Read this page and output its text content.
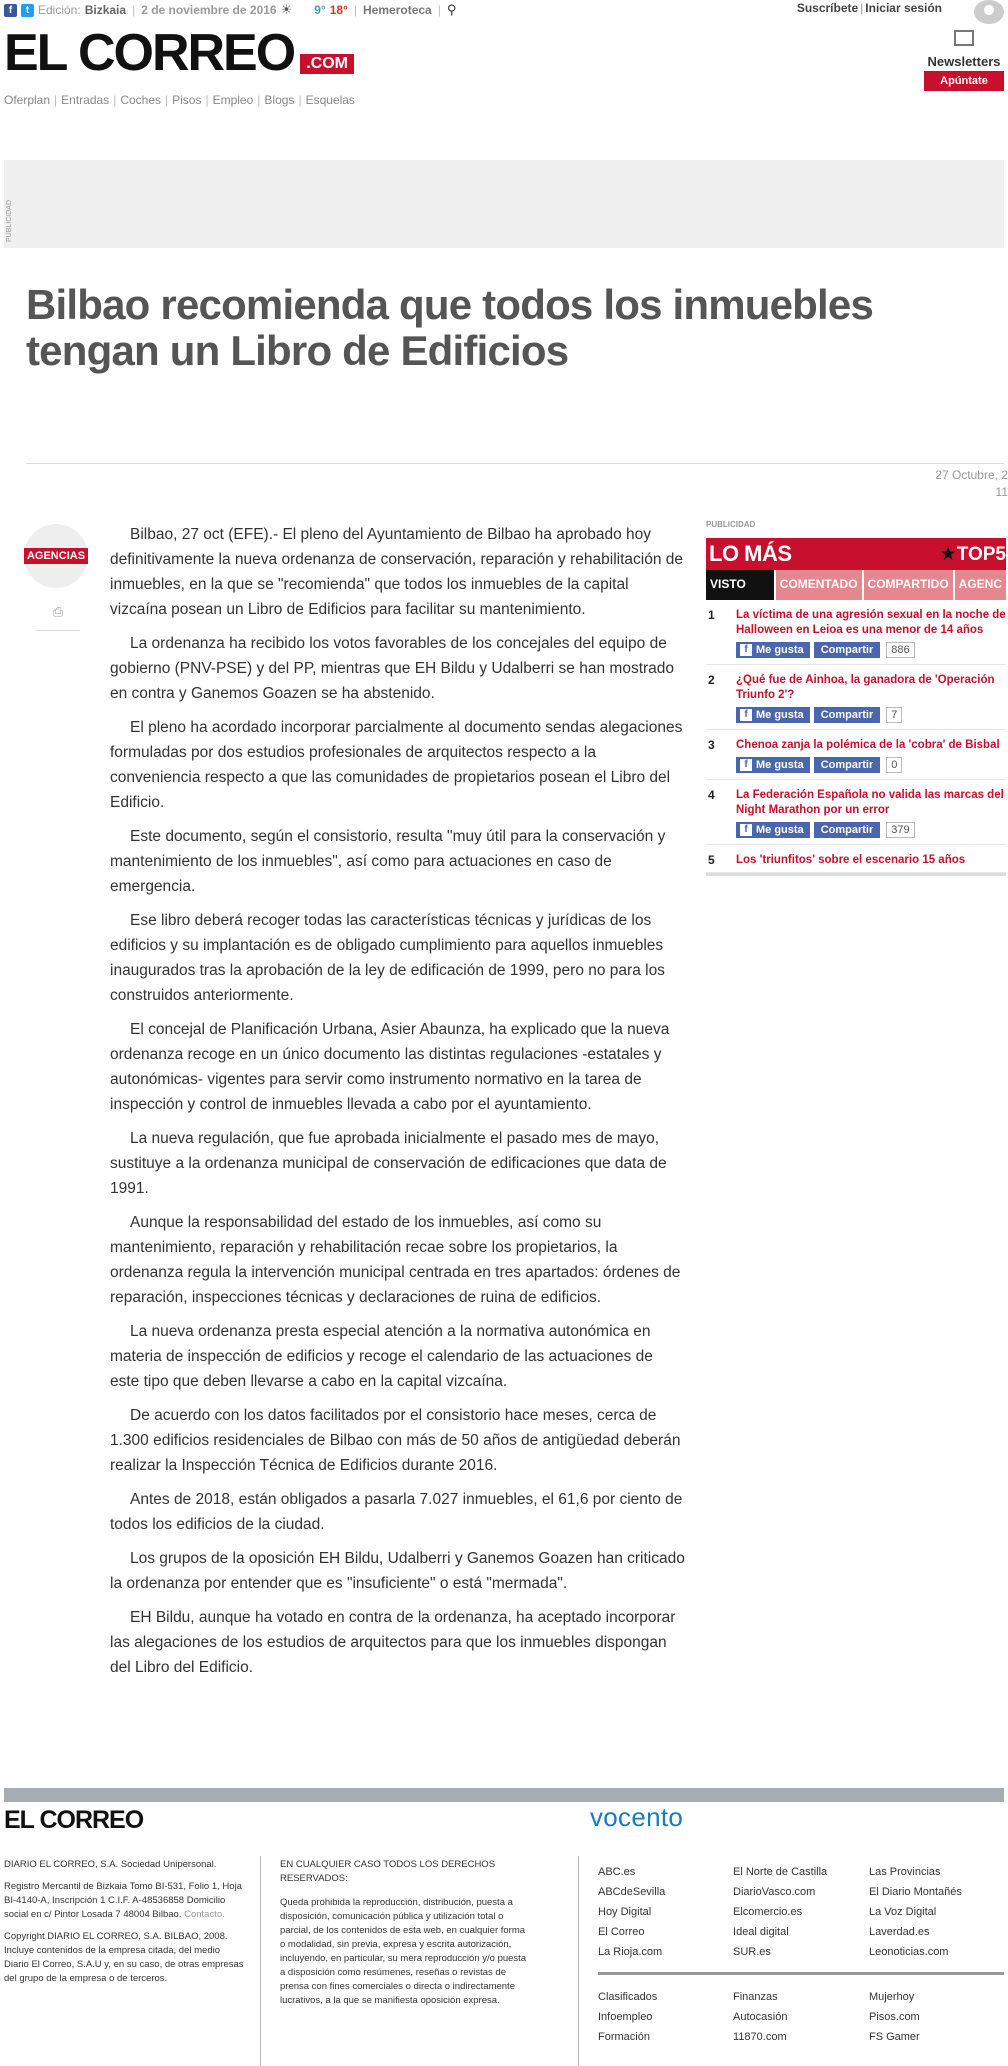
f	t Edición: Bizkaia | 2 de noviembre de 2016 ☀ 9° 18° | Hemeroteca | ⚲	Suscríbete | Iniciar sesión
EL CORREO .COM
Oferplan | Entradas | Coches | Pisos | Empleo | Blogs | Esquelas
Newsletters
Apúntate
PUBLICIDAD
Bilbao recomienda que todos los inmuebles tengan un Libro de Edificios
27 Octubre, 2
11
AGENCIAS
⎙

Bilbao, 27 oct (EFE).- El pleno del Ayuntamiento de Bilbao ha aprobado hoy definitivamente la nueva ordenanza de conservación, reparación y rehabilitación de inmuebles, en la que se "recomienda" que todos los inmuebles de la capital vizcaína posean un Libro de Edificios para facilitar su mantenimiento.

La ordenanza ha recibido los votos favorables de los concejales del equipo de gobierno (PNV-PSE) y del PP, mientras que EH Bildu y Udalberri se han mostrado en contra y Ganemos Goazen se ha abstenido.

El pleno ha acordado incorporar parcialmente al documento sendas alegaciones formuladas por dos estudios profesionales de arquitectos respecto a la conveniencia respecto a que las comunidades de propietarios posean el Libro del Edificio.

Este documento, según el consistorio, resulta "muy útil para la conservación y mantenimiento de los inmuebles", así como para actuaciones en caso de emergencia.

Ese libro deberá recoger todas las características técnicas y jurídicas de los edificios y su implantación es de obligado cumplimiento para aquellos inmuebles inaugurados tras la aprobación de la ley de edificación de 1999, pero no para los construidos anteriormente.

El concejal de Planificación Urbana, Asier Abaunza, ha explicado que la nueva ordenanza recoge en un único documento las distintas regulaciones -estatales y autonómicas- vigentes para servir como instrumento normativo en la tarea de inspección y control de inmuebles llevada a cabo por el ayuntamiento.

La nueva regulación, que fue aprobada inicialmente el pasado mes de mayo, sustituye a la ordenanza municipal de conservación de edificaciones que data de 1991.

Aunque la responsabilidad del estado de los inmuebles, así como su mantenimiento, reparación y rehabilitación recae sobre los propietarios, la ordenanza regula la intervención municipal centrada en tres apartados: órdenes de reparación, inspecciones técnicas y declaraciones de ruina de edificios.

La nueva ordenanza presta especial atención a la normativa autonómica en materia de inspección de edificios y recoge el calendario de las actuaciones de este tipo que deben llevarse a cabo en la capital vizcaína.

De acuerdo con los datos facilitados por el consistorio hace meses, cerca de 1.300 edificios residenciales de Bilbao con más de 50 años de antigüedad deberán realizar la Inspección Técnica de Edificios durante 2016.

Antes de 2018, están obligados a pasarla 7.027 inmuebles, el 61,6 por ciento de todos los edificios de la ciudad.

Los grupos de la oposición EH Bildu, Udalberri y Ganemos Goazen han criticado la ordenanza por entender que es "insuficiente" o está "mermada".

EH Bildu, aunque ha votado en contra de la ordenanza, ha aceptado incorporar las alegaciones de los estudios de arquitectos para que los inmuebles dispongan del Libro del Edificio.

PUBLICIDAD
LO MÁS	★TOP5
VISTO	COMENTADO COMPARTIDO AGENC
1 La víctima de una agresión sexual en la noche de Halloween en Leioa es una menor de 14 años
f Me gusta	Compartir	886
2 ¿Qué fue de Ainhoa, la ganadora de 'Operación Triunfo 2'?
f Me gusta	Compartir	7
3 Chenoa zanja la polémica de la 'cobra' de Bisbal
f Me gusta	Compartir	0
4 La Federación Española no valida las marcas del Night Marathon por un error
f Me gusta	Compartir	379
5 Los 'triunfitos' sobre el escenario 15 años
EL CORREO	vocento

DIARIO EL CORREO, S.A. Sociedad Unipersonal.

Registro Mercantil de Bizkaia Tomo BI-531, Folio 1, Hoja BI-4140-A, Inscripción 1 C.I.F. A-48536858 Domicilio social en c/ Pintor Losada 7 48004 Bilbao. Contacto.

Copyright DIARIO EL CORREO, S.A. BILBAO, 2008. Incluye contenidos de la empresa citada, del medio Diario El Correo, S.A.U y, en su caso, de otras empresas del grupo de la empresa o de terceros.

EN CUALQUIER CASO TODOS LOS DERECHOS RESERVADOS:

Queda prohibida la reproducción, distribución, puesta a disposición, comunicación pública y utilización total o parcial, de los contenidos de esta web, en cualquier forma o modalidad, sin previa, expresa y escrita autorización, incluyendo, en particular, su mera reproducción y/o puesta a disposición como resúmenes, reseñas o revistas de prensa con fines comerciales o directa o indirectamente lucrativos, a la que se manifiesta oposición expresa.

ABC.es	El Norte de Castilla	Las Provincias
ABCdeSevilla	DiarioVasco.com	El Diario Montañés
Hoy Digital	Elcomercio.es	La Voz Digital
El Correo	Ideal digital	Laverdad.es
La Rioja.com	SUR.es	Leonoticias.com
Clasificados	Finanzas	Mujerhoy
Infoempleo	Autocasión	Pisos.com
Formación	11870.com	FS Gamer
